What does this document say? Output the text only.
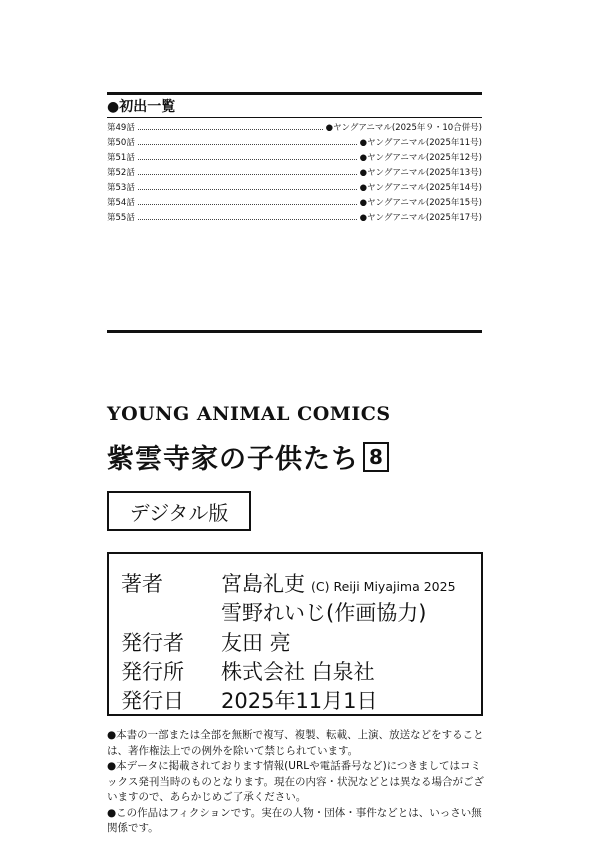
●初出一覧
第49話	●ヤングアニマル(2025年９・10合併号)
第50話	●ヤングアニマル(2025年11号)
第51話	●ヤングアニマル(2025年12号)
第52話	●ヤングアニマル(2025年13号)
第53話	●ヤングアニマル(2025年14号)
第54話	●ヤングアニマル(2025年15号)
第55話	●ヤングアニマル(2025年17号)
YOUNG ANIMAL COMICS
紫雲寺家の子供たち 8
デジタル版
著者	宮島礼吏 (C) Reiji Miyajima 2025
雪野れいじ(作画協力)
発行者 友田 亮
発行所 株式会社 白泉社
発行日 2025年11月1日

●本書の一部または全部を無断で複写、複製、転載、上演、放送などをすることは、著作権法上での例外を除いて禁じられています。

●本データに掲載されております情報(URLや電話番号など)につきましてはコミックス発刊当時のものとなります。現在の内容・状況などとは異なる場合がございますので、あらかじめご了承ください。

●この作品はフィクションです。実在の人物・団体・事件などとは、いっさい無関係です。
